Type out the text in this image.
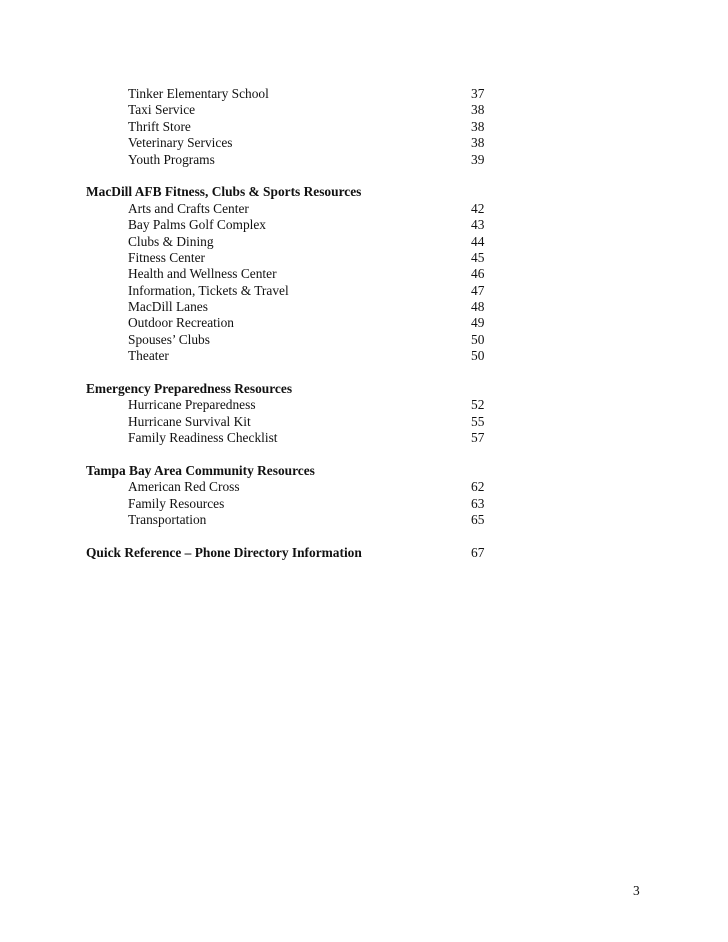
Tinker Elementary School	37
Taxi Service	38
Thrift Store	38
Veterinary Services	38
Youth Programs	39
MacDill AFB Fitness, Clubs & Sports Resources
Arts and Crafts Center	42
Bay Palms Golf Complex	43
Clubs & Dining	44
Fitness Center	45
Health and Wellness Center	46
Information, Tickets & Travel	47
MacDill Lanes	48
Outdoor Recreation	49
Spouses’ Clubs	50
Theater	50
Emergency Preparedness Resources
Hurricane Preparedness	52
Hurricane Survival Kit	55
Family Readiness Checklist	57
Tampa Bay Area Community Resources
American Red Cross	62
Family Resources	63
Transportation	65
Quick Reference – Phone Directory Information	67
3
